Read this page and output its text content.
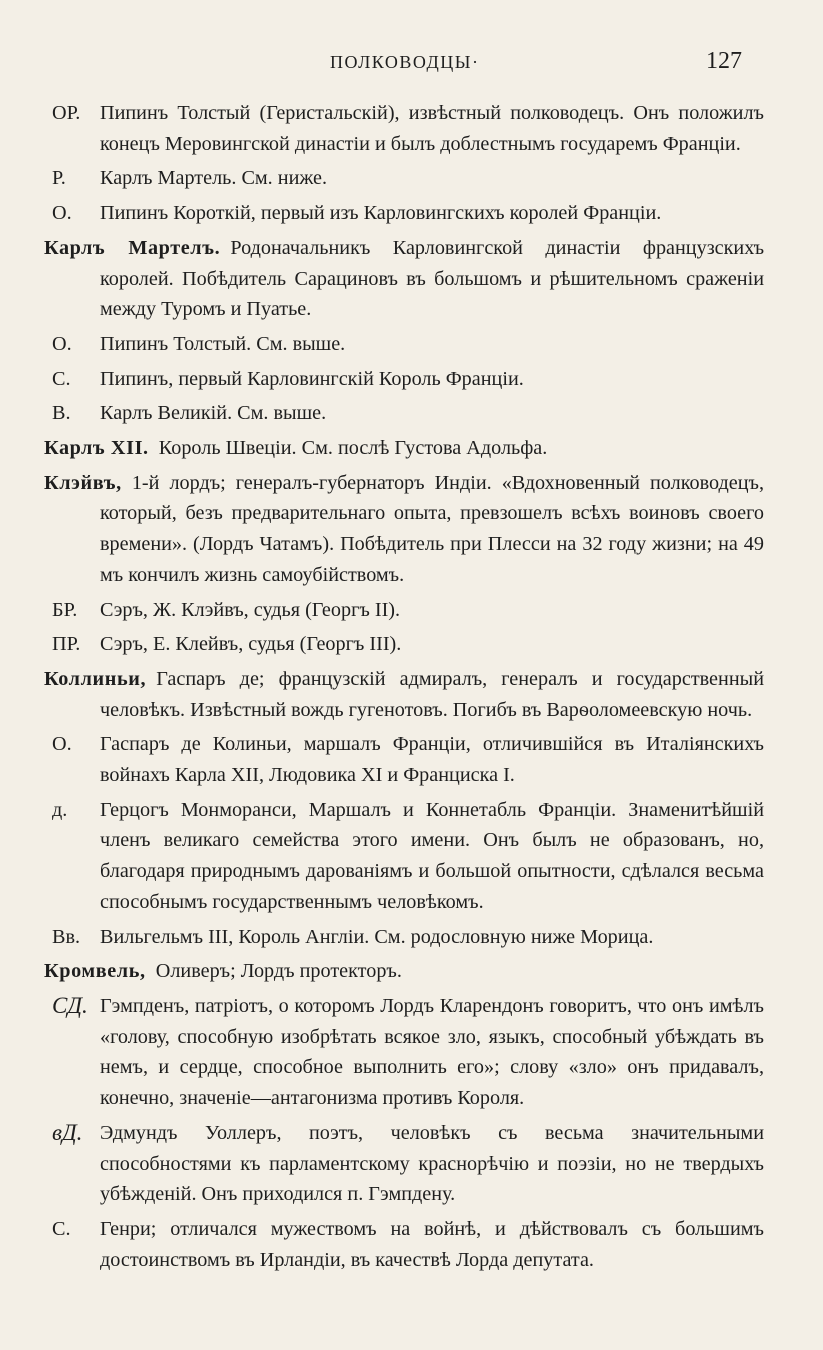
ПОЛКОВОДЦЫ·	127
ОР. Пипинъ Толстый (Геристальскій), извѣстный полководецъ. Онъ положилъ конецъ Меровингской династіи и былъ доблестнымъ государемъ Франціи.
Р.	Карлъ Мартель. См. ниже.
О.	Пипинъ Короткій, первый изъ Карловингскихъ королей Франціи.
Карлъ Мартелъ.  Родоначальникъ Карловингской династіи французскихъ королей. Побѣдитель Сарациновъ въ большомъ и рѣшительномъ сраженіи между Туромъ и Пуатье.
О.	Пипинъ Толстый. См. выше.
С.	Пипинъ, первый Карловингскій Король Франціи.
В.	Карлъ Великій. См. выше.
Карлъ XII.  Король Швеціи. См. послѣ Густова Адольфа.
Клэйвъ,  1-й лордъ; генералъ-губернаторъ Индіи. «Вдохновенный полководецъ, который, безъ предварительнаго опыта, превзошелъ всѣхъ воиновъ своего времени». (Лордъ Чатамъ). Побѣдитель при Плесси на 32 году жизни; на 49 мъ кончилъ жизнь самоубійствомъ.
БР.	Сэръ, Ж. Клэйвъ, судья (Георгъ II).
ПР. Сэръ, Е. Клейвъ, судья (Георгъ III).
Коллиньи,  Гаспаръ де; французскій адмиралъ, генералъ и государственный человѣкъ. Извѣстный вождь гугенотовъ. Погибъ въ Варѳоломеевскую ночь.
О.	Гаспаръ де Колиньи, маршалъ Франціи, отличившійся въ Италіянскихъ войнахъ Карла XII, Людовика XI и Франциска I.
д.	Герцогъ Монморанси, Маршалъ и Коннетабль Франціи. Знаменитѣйшій членъ великаго семейства этого имени. Онъ былъ не образованъ, но, благодаря природнымъ дарованіямъ и большой опытности, сдѣлался весьма способнымъ государственнымъ человѣкомъ.
Вв. Вильгельмъ III, Король Англіи. См. родословную ниже Морица.
Кромвель,  Оливеръ; Лордъ протекторъ.
СД. Гэмпденъ, патріотъ, о которомъ Лордъ Кларендонъ говоритъ, что онъ имѣлъ «голову, способную изобрѣтать всякое зло, языкъ, способный убѣждать въ немъ, и сердце, способное выполнить его»; слову «зло» онъ придавалъ, конечно, значеніе—антагонизма противъ Короля.
вД. Эдмундъ Уоллеръ, поэтъ, человѣкъ съ весьма значительными способностями къ парламентскому краснорѣчію и поэзіи, но не твердыхъ убѣжденій. Онъ приходился п. Гэмпдену.
С.	Генри; отличался мужествомъ на войнѣ, и дѣйствовалъ съ большимъ достоинствомъ въ Ирландіи, въ качествѣ Лорда депутата.
